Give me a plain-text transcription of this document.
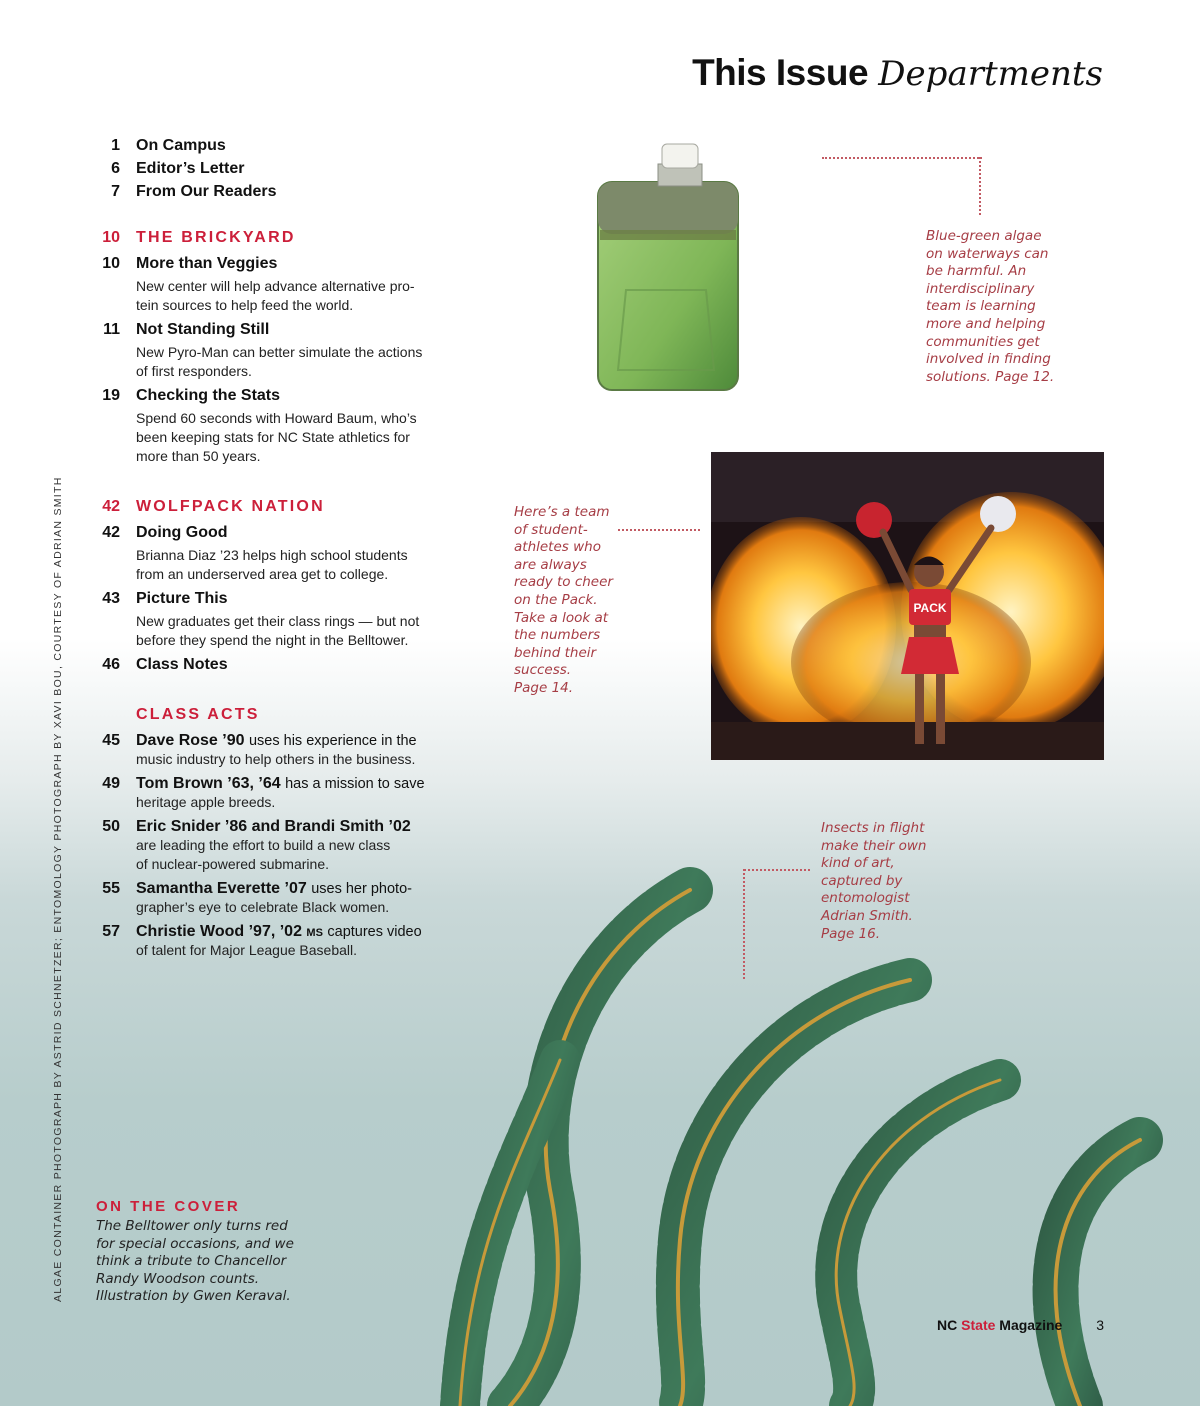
This Issue Departments
1 On Campus
6 Editor’s Letter
7 From Our Readers
10 THE BRICKYARD
10 More than Veggies
New center will help advance alternative pro-
tein sources to help feed the world.
11 Not Standing Still
New Pyro-Man can better simulate the actions
of first responders.
19 Checking the Stats
Spend 60 seconds with Howard Baum, who’s
been keeping stats for NC State athletics for
more than 50 years.
42 WOLFPACK NATION
42 Doing Good
Brianna Diaz ’23 helps high school students
from an underserved area get to college.
43 Picture This
New graduates get their class rings — but not
before they spend the night in the Belltower.
46 Class Notes
CLASS ACTS
45 Dave Rose ’90 uses his experience in the
music industry to help others in the business.
49 Tom Brown ’63, ’64 has a mission to save
heritage apple breeds.
50 Eric Snider ’86 and Brandi Smith ’02
are leading the effort to build a new class
of nuclear-powered submarine.
55 Samantha Everette ’07 uses her photo-
grapher’s eye to celebrate Black women.
57 Christie Wood ’97, ’02 MS captures video
of talent for Major League Baseball.
Blue-green algae
on waterways can
be harmful. An
interdisciplinary
team is learning
more and helping
communities get
involved in finding
solutions. Page 12.
Here’s a team
of student-
athletes who
are always
ready to cheer
on the Pack.
Take a look at
the numbers
behind their
success.
Page 14.
PACK
Insects in flight
make their own
kind of art,
captured by
entomologist
Adrian Smith.
Page 16.
ON THE COVER
The Belltower only turns red
for special occasions, and we
think a tribute to Chancellor
Randy Woodson counts.
Illustration by Gwen Keraval.
ALGAE CONTAINER PHOTOGRAPH BY ASTRID SCHNETZER; ENTOMOLOGY PHOTOGRAPH BY XAVI BOU, COURTESY OF ADRIAN SMITH
NC State Magazine 3
